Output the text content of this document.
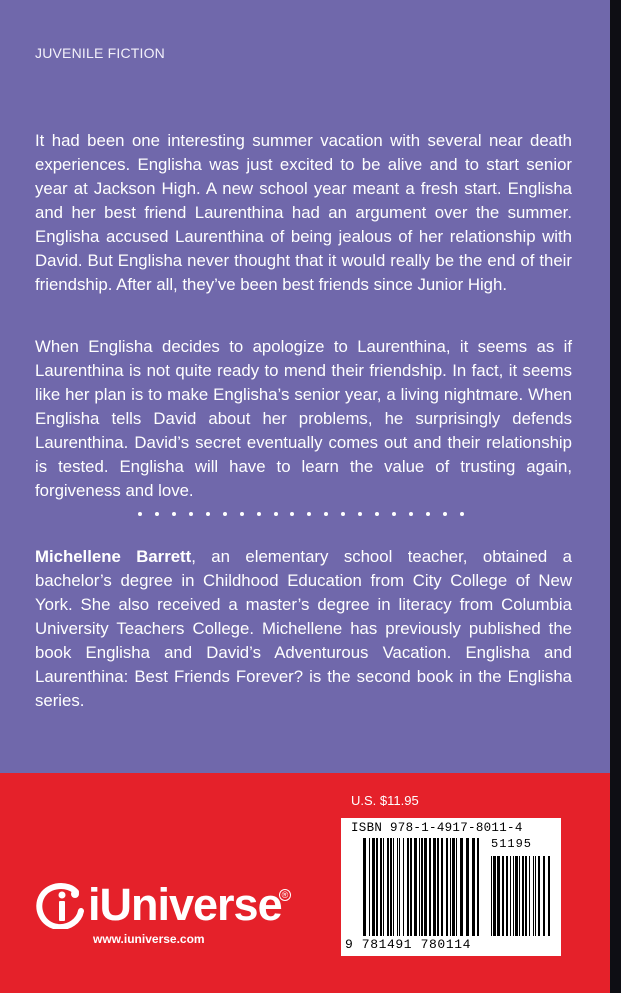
JUVENILE FICTION

It had been one interesting summer vacation with several near death experiences. Englisha was just excited to be alive and to start senior year at Jackson High. A new school year meant a fresh start. Englisha and her best friend Laurenthina had an argument over the summer. Englisha accused Laurenthina of being jealous of her relationship with David. But Englisha never thought that it would really be the end of their friendship. After all, they’ve been best friends since Junior High.

When Englisha decides to apologize to Laurenthina, it seems as if Laurenthina is not quite ready to mend their friendship. In fact, it seems like her plan is to make Englisha’s senior year, a living nightmare. When Englisha tells David about her problems, he surprisingly defends Laurenthina. David’s secret eventually comes out and their relationship is tested. Englisha will have to learn the value of trusting again, forgiveness and love.

Michellene Barrett, an elementary school teacher, obtained a bachelor’s degree in Childhood Education from City College of New York. She also received a master’s degree in literacy from Columbia University Teachers College. Michellene has previously published the book Englisha and David’s Adventurous Vacation. Englisha and Laurenthina: Best Friends Forever? is the second book in the Englisha series.

U.S. $11.95
ISBN 978-1-4917-8011-4
51195
9 781491 780114
iUniverse ®
www.iuniverse.com
